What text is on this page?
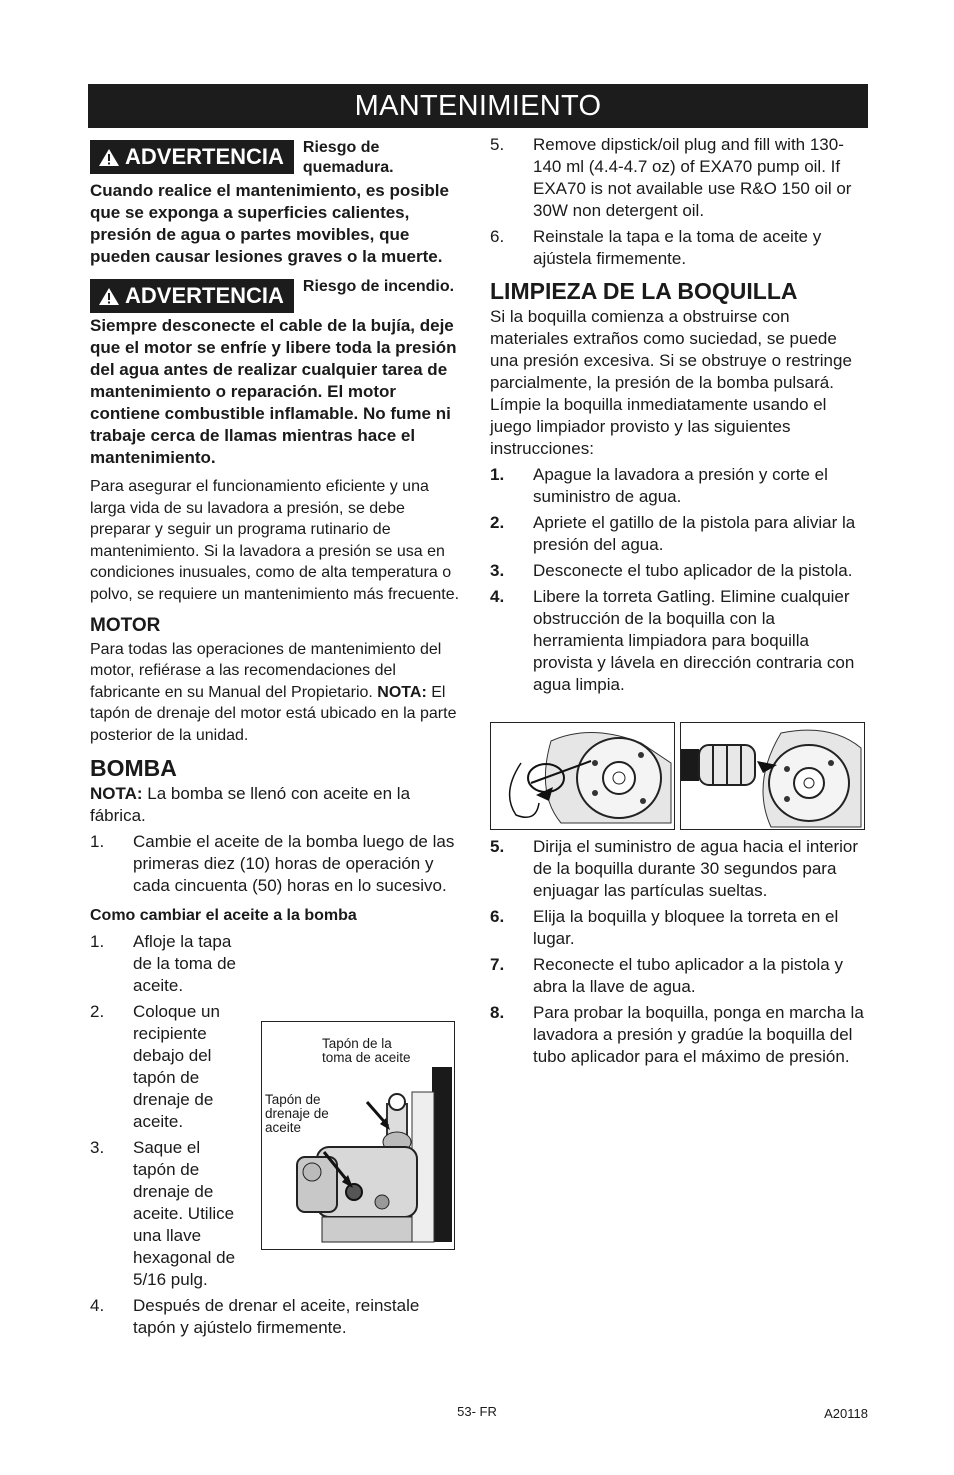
MANTENIMIENTO
ADVERTENCIA Riesgo de quemadura.

Cuando realice el mantenimiento, es posible que se exponga a superficies calientes, presión de agua o partes movibles, que pueden causar lesiones graves o la muerte.

ADVERTENCIA Riesgo de incendio.

Siempre desconecte el cable de la bujía, deje que el motor se enfríe y libere toda la presión del agua antes de realizar cualquier tarea de mantenimiento o reparación. El motor contiene combustible inflamable. No fume ni trabaje cerca de llamas mientras hace el mantenimiento.

Para asegurar el funcionamiento eficiente y una larga vida de su lavadora a presión, se debe preparar y seguir un programa rutinario de mantenimiento. Si la lavadora a presión se usa en condiciones inusuales, como de alta temperatura o polvo, se requiere un mantenimiento más frecuente.

MOTOR

Para todas las operaciones de mantenimiento del motor, refiérase a las recomendaciones del fabricante en su Manual del Propietario. NOTA: El tapón de drenaje del motor está ubicado en la parte posterior de la unidad.

BOMBA

NOTA: La bomba se llenó con aceite en la fábrica.

1.	Cambie el aceite de la bomba luego de las primeras diez (10) horas de operación y cada cincuenta (50) horas en lo sucesivo.
Como cambiar el aceite a la bomba
1.	Afloje la tapa de la toma de aceite.
2.	Coloque un recipiente debajo del tapón de drenaje de aceite.
3.	Saque el tapón de drenaje de aceite. Utilice una llave hexagonal de 5/16 pulg.
4.	Después de drenar el aceite, reinstale tapón y ajústelo firmemente.
Tapón de la toma de aceite
Tapón de drenaje de aceite
5.	Remove dipstick/oil plug and fill with 130-140 ml (4.4-4.7 oz) of EXA70 pump oil. If EXA70 is not available use R&O 150 oil or 30W non detergent oil.
6.	Reinstale la tapa e la toma de aceite y ajústela firmemente.
LIMPIEZA DE LA BOQUILLA

Si la boquilla comienza a obstruirse con materiales extraños como suciedad, se puede una presión excesiva. Si se obstruye o restringe parcialmente, la presión de la bomba pulsará. Límpie la boquilla inmediatamente usando el juego limpiador provisto y las siguientes instrucciones:

1.	Apague la lavadora a presión y corte el suministro de agua.
2.	Apriete el gatillo de la pistola para aliviar la presión del agua.
3.	Desconecte el tubo aplicador de la pistola.
4.	Libere la torreta Gatling. Elimine cualquier obstrucción de la boquilla con la herramienta limpiadora para boquilla provista y lávela en dirección contraria con agua limpia.
5.	Dirija el suministro de agua hacia el interior de la boquilla durante 30 segundos para enjuagar las partículas sueltas.
6.	Elija la boquilla y bloquee la torreta en el lugar.
7.	Reconecte el tubo aplicador a la pistola y abra la llave de agua.
8.	Para probar la boquilla, ponga en marcha la lavadora a presión y gradúe la boquilla del tubo aplicador para el máximo de presión.
53- FR	A20118
